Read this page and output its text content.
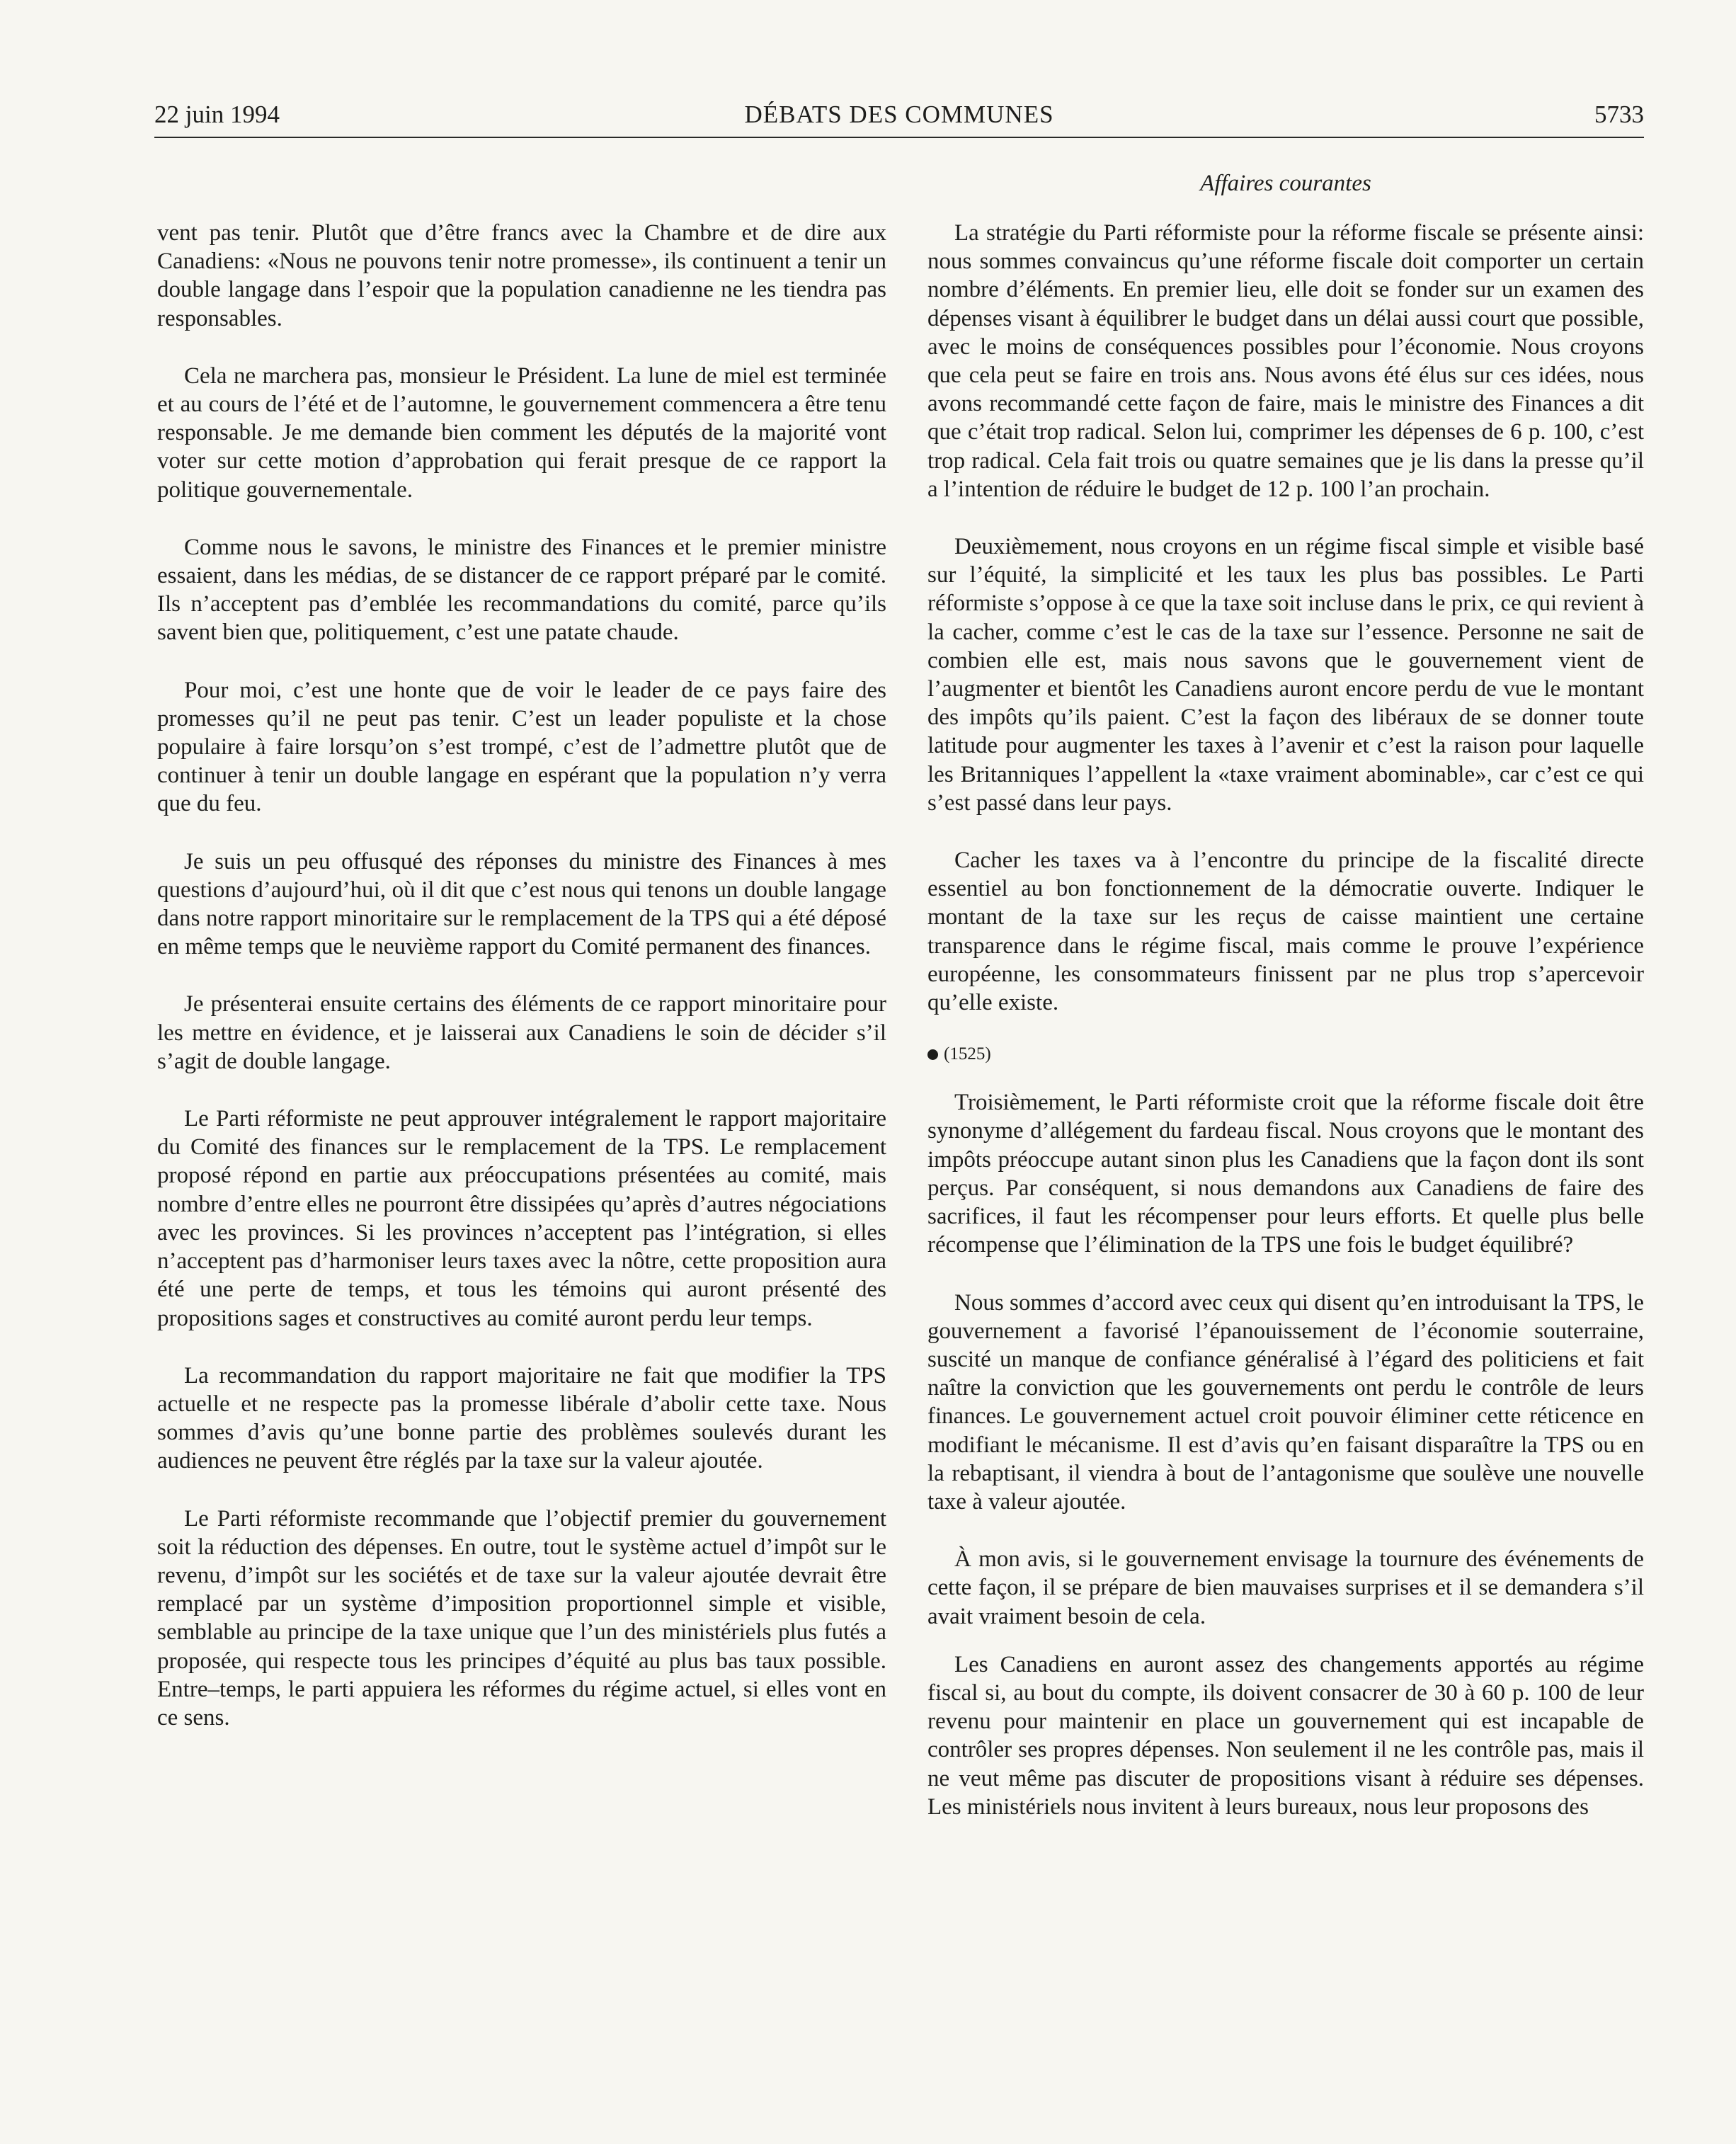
22 juin 1994	DÉBATS DES COMMUNES	5733
Affaires courantes

vent pas tenir. Plutôt que d’être francs avec la Chambre et de dire aux Canadiens: «Nous ne pouvons tenir notre promesse», ils continuent a tenir un double langage dans l’espoir que la population canadienne ne les tiendra pas responsables.

Cela ne marchera pas, monsieur le Président. La lune de miel est terminée et au cours de l’été et de l’automne, le gouvernement commencera a être tenu responsable. Je me demande bien comment les députés de la majorité vont voter sur cette motion d’approbation qui ferait presque de ce rapport la politique gouvernementale.

Comme nous le savons, le ministre des Finances et le premier ministre essaient, dans les médias, de se distancer de ce rapport préparé par le comité. Ils n’acceptent pas d’emblée les recommandations du comité, parce qu’ils savent bien que, politiquement, c’est une patate chaude.

Pour moi, c’est une honte que de voir le leader de ce pays faire des promesses qu’il ne peut pas tenir. C’est un leader populiste et la chose populaire à faire lorsqu’on s’est trompé, c’est de l’admettre plutôt que de continuer à tenir un double langage en espérant que la population n’y verra que du feu.

Je suis un peu offusqué des réponses du ministre des Finances à mes questions d’aujourd’hui, où il dit que c’est nous qui tenons un double langage dans notre rapport minoritaire sur le remplacement de la TPS qui a été déposé en même temps que le neuvième rapport du Comité permanent des finances.

Je présenterai ensuite certains des éléments de ce rapport minoritaire pour les mettre en évidence, et je laisserai aux Canadiens le soin de décider s’il s’agit de double langage.

Le Parti réformiste ne peut approuver intégralement le rapport majoritaire du Comité des finances sur le remplacement de la TPS. Le remplacement proposé répond en partie aux préoccupations présentées au comité, mais nombre d’entre elles ne pourront être dissipées qu’après d’autres négociations avec les provinces. Si les provinces n’acceptent pas l’intégration, si elles n’acceptent pas d’harmoniser leurs taxes avec la nôtre, cette proposition aura été une perte de temps, et tous les témoins qui auront présenté des propositions sages et constructives au comité auront perdu leur temps.

La recommandation du rapport majoritaire ne fait que modifier la TPS actuelle et ne respecte pas la promesse libérale d’abolir cette taxe. Nous sommes d’avis qu’une bonne partie des problèmes soulevés durant les audiences ne peuvent être réglés par la taxe sur la valeur ajoutée.

Le Parti réformiste recommande que l’objectif premier du gouvernement soit la réduction des dépenses. En outre, tout le système actuel d’impôt sur le revenu, d’impôt sur les sociétés et de taxe sur la valeur ajoutée devrait être remplacé par un système d’imposition proportionnel simple et visible, semblable au principe de la taxe unique que l’un des ministériels plus futés a proposée, qui respecte tous les principes d’équité au plus bas taux possible. Entre–temps, le parti appuiera les réformes du régime actuel, si elles vont en ce sens.

La stratégie du Parti réformiste pour la réforme fiscale se présente ainsi: nous sommes convaincus qu’une réforme fiscale doit comporter un certain nombre d’éléments. En premier lieu, elle doit se fonder sur un examen des dépenses visant à équilibrer le budget dans un délai aussi court que possible, avec le moins de conséquences possibles pour l’économie. Nous croyons que cela peut se faire en trois ans. Nous avons été élus sur ces idées, nous avons recommandé cette façon de faire, mais le ministre des Finances a dit que c’était trop radical. Selon lui, comprimer les dépenses de 6 p. 100, c’est trop radical. Cela fait trois ou quatre semaines que je lis dans la presse qu’il a l’intention de réduire le budget de 12 p. 100 l’an prochain.

Deuxièmement, nous croyons en un régime fiscal simple et visible basé sur l’équité, la simplicité et les taux les plus bas possibles. Le Parti réformiste s’oppose à ce que la taxe soit incluse dans le prix, ce qui revient à la cacher, comme c’est le cas de la taxe sur l’essence. Personne ne sait de combien elle est, mais nous savons que le gouvernement vient de l’augmenter et bientôt les Canadiens auront encore perdu de vue le montant des impôts qu’ils paient. C’est la façon des libéraux de se donner toute latitude pour augmenter les taxes à l’avenir et c’est la raison pour laquelle les Britanniques l’appellent la «taxe vraiment abominable», car c’est ce qui s’est passé dans leur pays.

Cacher les taxes va à l’encontre du principe de la fiscalité directe essentiel au bon fonctionnement de la démocratie ouverte. Indiquer le montant de la taxe sur les reçus de caisse maintient une certaine transparence dans le régime fiscal, mais comme le prouve l’expérience européenne, les consommateurs finissent par ne plus trop s’apercevoir qu’elle existe.

(1525)

Troisièmement, le Parti réformiste croit que la réforme fiscale doit être synonyme d’allégement du fardeau fiscal. Nous croyons que le montant des impôts préoccupe autant sinon plus les Canadiens que la façon dont ils sont perçus. Par conséquent, si nous demandons aux Canadiens de faire des sacrifices, il faut les récompenser pour leurs efforts. Et quelle plus belle récompense que l’élimination de la TPS une fois le budget équilibré?

Nous sommes d’accord avec ceux qui disent qu’en introduisant la TPS, le gouvernement a favorisé l’épanouissement de l’économie souterraine, suscité un manque de confiance généralisé à l’égard des politiciens et fait naître la conviction que les gouvernements ont perdu le contrôle de leurs finances. Le gouvernement actuel croit pouvoir éliminer cette réticence en modifiant le mécanisme. Il est d’avis qu’en faisant disparaître la TPS ou en la rebaptisant, il viendra à bout de l’antagonisme que soulève une nouvelle taxe à valeur ajoutée.

À mon avis, si le gouvernement envisage la tournure des événements de cette façon, il se prépare de bien mauvaises surprises et il se demandera s’il avait vraiment besoin de cela.

Les Canadiens en auront assez des changements apportés au régime fiscal si, au bout du compte, ils doivent consacrer de 30 à 60 p. 100 de leur revenu pour maintenir en place un gouvernement qui est incapable de contrôler ses propres dépenses. Non seulement il ne les contrôle pas, mais il ne veut même pas discuter de propositions visant à réduire ses dépenses. Les ministériels nous invitent à leurs bureaux, nous leur proposons des
